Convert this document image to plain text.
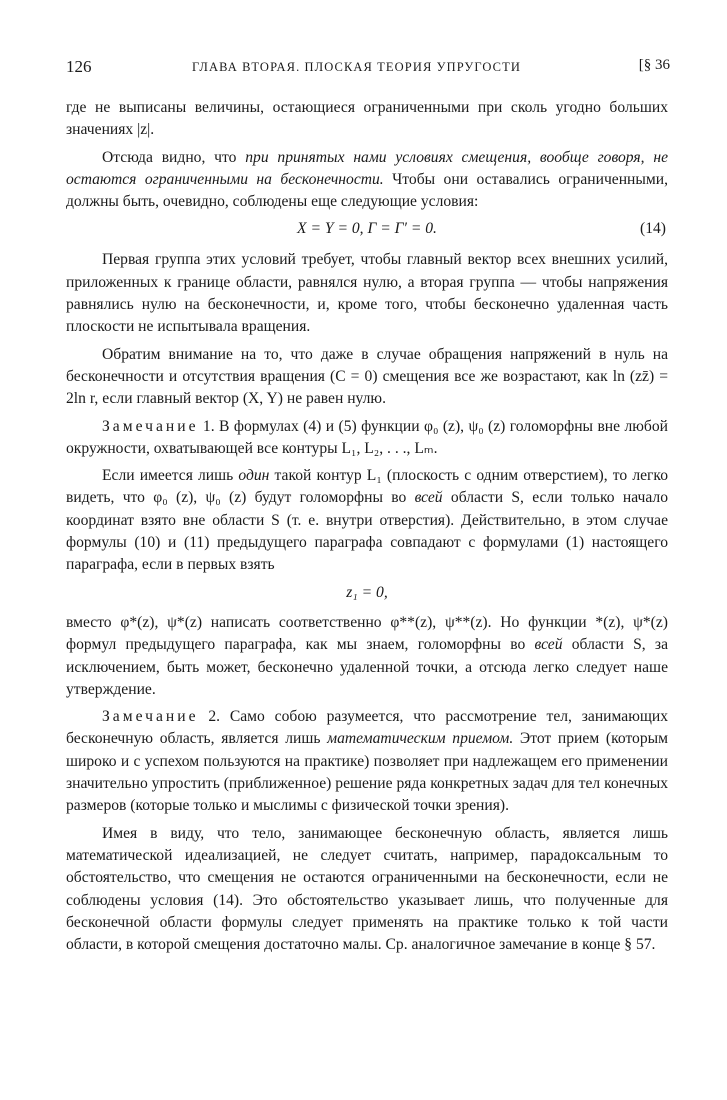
126	ГЛАВА ВТОРАЯ. ПЛОСКАЯ ТЕОРИЯ УПРУГОСТИ	[§ 36

где не выписаны величины, остающиеся ограниченными при сколь угодно больших значениях |z|.

Отсюда видно, что при принятых нами условиях смещения, вообще говоря, не остаются ограниченными на бесконечности. Чтобы они оставались ограниченными, должны быть, очевидно, соблюдены еще следующие условия:

X = Y = 0, Γ = Γ′ = 0.	(14)

Первая группа этих условий требует, чтобы главный вектор всех внешних усилий, приложенных к границе области, равнялся нулю, а вторая группа — чтобы напряжения равнялись нулю на бесконечности, и, кроме того, чтобы бесконечно удаленная часть плоскости не испытывала вращения.

Обратим внимание на то, что даже в случае обращения напряжений в нуль на бесконечности и отсутствия вращения (C = 0) смещения все же возрастают, как ln (zz̄) = 2ln r, если главный вектор (X, Y) не равен нулю.

Замечание 1. В формулах (4) и (5) функции φ₀ (z), ψ₀ (z) голоморфны вне любой окружности, охватывающей все контуры L₁, L₂, . . ., Lₘ.

Если имеется лишь один такой контур L₁ (плоскость с одним отверстием), то легко видеть, что φ₀ (z), ψ₀ (z) будут голоморфны во всей области S, если только начало координат взято вне области S (т. е. внутри отверстия). Действительно, в этом случае формулы (10) и (11) предыдущего параграфа совпадают с формулами (1) настоящего параграфа, если в первых взять

z₁ = 0,

вместо φ*(z), ψ*(z) написать соответственно φ**(z), ψ**(z). Но функции *(z), ψ*(z) формул предыдущего параграфа, как мы знаем, голоморфны во всей области S, за исключением, быть может, бесконечно удаленной точки, а отсюда легко следует наше утверждение.

Замечание 2. Само собою разумеется, что рассмотрение тел, занимающих бесконечную область, является лишь математическим приемом. Этот прием (которым широко и с успехом пользуются на практике) позволяет при надлежащем его применении значительно упростить (приближенное) решение ряда конкретных задач для тел конечных размеров (которые только и мыслимы с физической точки зрения).

Имея в виду, что тело, занимающее бесконечную область, является лишь математической идеализацией, не следует считать, например, парадоксальным то обстоятельство, что смещения не остаются ограниченными на бесконечности, если не соблюдены условия (14). Это обстоятельство указывает лишь, что полученные для бесконечной области формулы следует применять на практике только к той части области, в которой смещения достаточно малы. Ср. аналогичное замечание в конце § 57.
